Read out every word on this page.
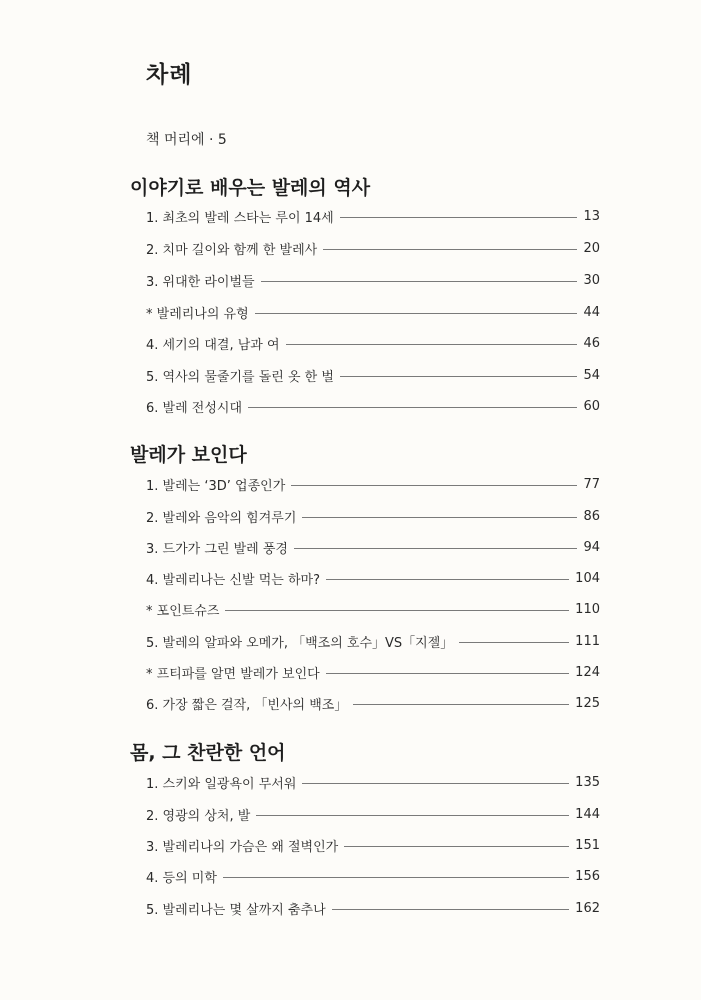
차례
책 머리에 · 5
이야기로 배우는 발레의 역사
1. 최초의 발레 스타는 루이 14세	13
2. 치마 길이와 함께 한 발레사	20
3. 위대한 라이벌들	30
* 발레리나의 유형	44
4. 세기의 대결, 남과 여	46
5. 역사의 물줄기를 돌린 옷 한 벌	54
6. 발레 전성시대	60
발레가 보인다
1. 발레는 ‘3D’ 업종인가	77
2. 발레와 음악의 힘겨루기	86
3. 드가가 그린 발레 풍경	94
4. 발레리나는 신발 먹는 하마?	104
* 포인트슈즈	110
5. 발레의 알파와 오메가, 「백조의 호수」VS「지젤」	111
* 프티파를 알면 발레가 보인다	124
6. 가장 짧은 걸작, 「빈사의 백조」	125
몸, 그 찬란한 언어
1. 스키와 일광욕이 무서워	135
2. 영광의 상처, 발	144
3. 발레리나의 가슴은 왜 절벽인가	151
4. 등의 미학	156
5. 발레리나는 몇 살까지 춤추나	162
